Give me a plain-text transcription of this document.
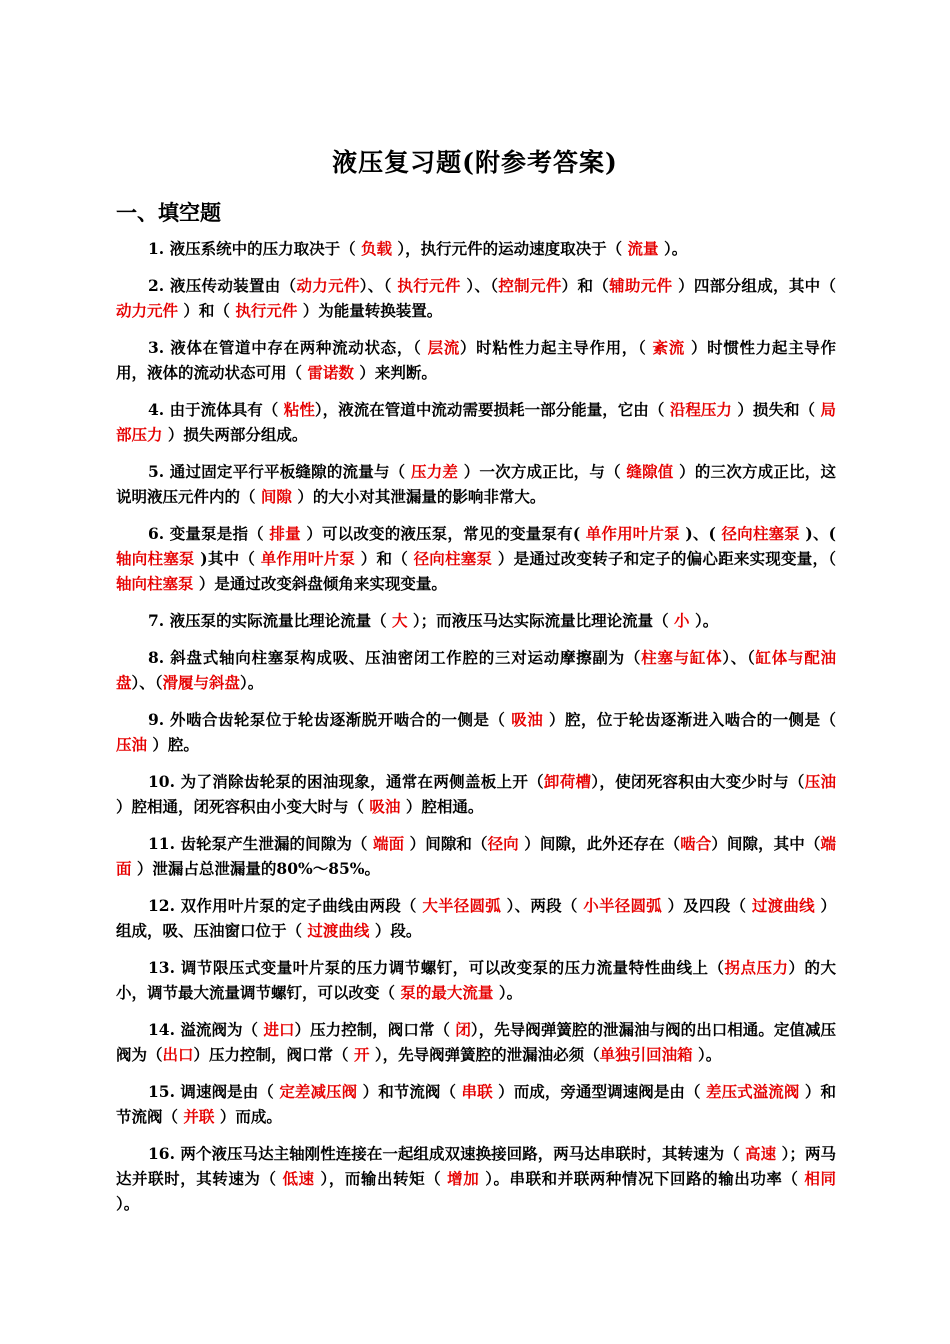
液压复习题(附参考答案)
一、填空题

1. 液压系统中的压力取决于（ 负载 ），执行元件的运动速度取决于（ 流量 ）。

2. 液压传动装置由（动力元件）、（ 执行元件 ）、（控制元件）和（辅助元件 ）四部分组成，其中（ 动力元件 ）和（ 执行元件 ）为能量转换装置。

3. 液体在管道中存在两种流动状态，（ 层流）时粘性力起主导作用，（ 紊流 ）时惯性力起主导作用，液体的流动状态可用（ 雷诺数 ）来判断。

4. 由于流体具有（ 粘性），液流在管道中流动需要损耗一部分能量，它由（ 沿程压力 ）损失和（ 局部压力 ）损失两部分组成。

5. 通过固定平行平板缝隙的流量与（ 压力差 ）一次方成正比，与（ 缝隙值 ）的三次方成正比，这说明液压元件内的（ 间隙 ）的大小对其泄漏量的影响非常大。

6. 变量泵是指（ 排量 ）可以改变的液压泵，常见的变量泵有( 单作用叶片泵 )、( 径向柱塞泵 )、( 轴向柱塞泵 )其中（ 单作用叶片泵 ）和（ 径向柱塞泵 ）是通过改变转子和定子的偏心距来实现变量，（ 轴向柱塞泵 ）是通过改变斜盘倾角来实现变量。

7. 液压泵的实际流量比理论流量（ 大 ）；而液压马达实际流量比理论流量（ 小 ）。

8. 斜盘式轴向柱塞泵构成吸、压油密闭工作腔的三对运动摩擦副为（柱塞与缸体）、（缸体与配油盘）、（滑履与斜盘）。

9. 外啮合齿轮泵位于轮齿逐渐脱开啮合的一侧是（ 吸油 ）腔，位于轮齿逐渐进入啮合的一侧是（ 压油 ）腔。

10. 为了消除齿轮泵的困油现象，通常在两侧盖板上开（卸荷槽），使闭死容积由大变少时与（压油 ）腔相通，闭死容积由小变大时与（ 吸油 ）腔相通。

11. 齿轮泵产生泄漏的间隙为（ 端面 ）间隙和（径向 ）间隙，此外还存在（啮合）间隙，其中（端面 ）泄漏占总泄漏量的80%～85%。

12. 双作用叶片泵的定子曲线由两段（ 大半径圆弧 ）、两段（ 小半径圆弧 ）及四段（ 过渡曲线 ）组成，吸、压油窗口位于（ 过渡曲线 ）段。

13. 调节限压式变量叶片泵的压力调节螺钉，可以改变泵的压力流量特性曲线上（拐点压力）的大小，调节最大流量调节螺钉，可以改变（ 泵的最大流量 ）。

14. 溢流阀为（ 进口）压力控制，阀口常（ 闭），先导阀弹簧腔的泄漏油与阀的出口相通。定值减压阀为（出口）压力控制，阀口常（ 开 ），先导阀弹簧腔的泄漏油必须（单独引回油箱 ）。

15. 调速阀是由（ 定差减压阀 ）和节流阀（ 串联 ）而成，旁通型调速阀是由（ 差压式溢流阀 ）和节流阀（ 并联 ）而成。

16. 两个液压马达主轴刚性连接在一起组成双速换接回路，两马达串联时，其转速为（ 高速 ）；两马达并联时，其转速为（ 低速 ），而输出转矩（ 增加 ）。串联和并联两种情况下回路的输出功率（ 相同 ）。
